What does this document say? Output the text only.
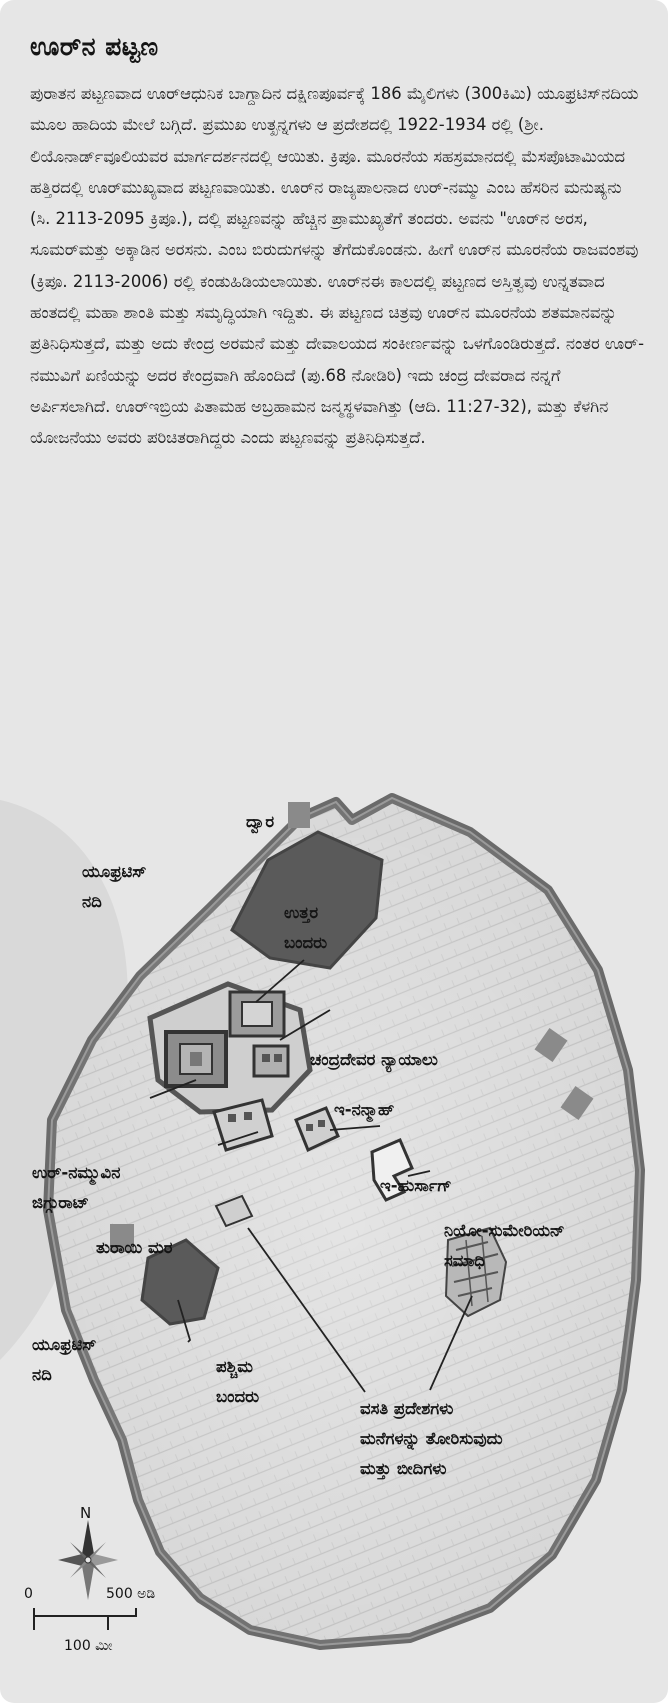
ಊರ್‌ನ ಪಟ್ಟಣ

ಪುರಾತನ ಪಟ್ಟಣವಾದ ಊರ್‌ಆಧುನಿಕ ಬಾಗ್ದಾದಿನ ದಕ್ಷಿಣಪೂರ್ವಕ್ಕೆ 186 ಮೈಲಿಗಳು (300ಕಿಮಿ) ಯೂಫ್ರಟಿಸ್‌ನದಿಯ ಮೂಲ ಹಾದಿಯ ಮೇಲೆ ಬಗ್ಗಿದೆ. ಪ್ರಮುಖ ಉತ್ಖನ್ನಗಳು ಆ ಪ್ರದೇಶದಲ್ಲಿ 1922-1934 ರಲ್ಲಿ (ಶ್ರೀ. ಲಿಯೊನಾರ್ಡ್‌ವೂಲಿಯವರ ಮಾರ್ಗದರ್ಶನದಲ್ಲಿ ಆಯಿತು. ಕ್ರಿಪೂ. ಮೂರನೆಯ ಸಹಸ್ರಮಾನದಲ್ಲಿ ಮೆಸಪೊಟಾಮಿಯದ ಹತ್ತಿರದಲ್ಲಿ ಊರ್‌ಮುಖ್ಯವಾದ ಪಟ್ಟಣವಾಯಿತು. ಊರ್‌ನ ರಾಜ್ಯಪಾಲನಾದ ಉರ್-ನಮ್ಮು ಎಂಬ ಹೆಸರಿನ ಮನುಷ್ಯನು (ಸಿ. 2113-2095 ಕ್ರಿಪೂ.), ದಲ್ಲಿ ಪಟ್ಟಣವನ್ನು ಹೆಚ್ಚಿನ ಪ್ರಾಮುಖ್ಯತೆಗೆ ತಂದರು. ಅವನು "ಊರ್‌ನ ಅರಸ, ಸೂಮರ್‌ಮತ್ತು ಅಕ್ಕಾಡಿನ ಅರಸನು. ಎಂಬ ಬಿರುದುಗಳನ್ನು ತೆಗೆದುಕೊಂಡನು. ಹೀಗೆ ಊರ್‌ನ ಮೂರನೆಯ ರಾಜವಂಶವು (ಕ್ರಿಪೂ. 2113-2006) ರಲ್ಲಿ ಕಂಡುಹಿಡಿಯಲಾಯಿತು. ಊರ್‌ನಈ ಕಾಲದಲ್ಲಿ ಪಟ್ಟಣದ ಅಸ್ತಿತ್ವವು ಉನ್ನತವಾದ ಹಂತದಲ್ಲಿ ಮಹಾ ಶಾಂತಿ ಮತ್ತು ಸಮೃದ್ಧಿಯಾಗಿ ಇದ್ದಿತು. ಈ ಪಟ್ಟಣದ ಚಿತ್ರವು ಊರ್‌ನ ಮೂರನೆಯ ಶತಮಾನವನ್ನು ಪ್ರತಿನಿಧಿಸುತ್ತದೆ, ಮತ್ತು ಅದು ಕೇಂದ್ರ ಅರಮನೆ ಮತ್ತು ದೇವಾಲಯದ ಸಂಕೀರ್ಣವನ್ನು ಒಳಗೊಂಡಿರುತ್ತದೆ. ನಂತರ ಊರ್-ನಮುವಿಗೆ ಏಣಿಯನ್ನು ಅದರ ಕೇಂದ್ರವಾಗಿ ಹೊಂದಿದೆ (ಪು.68 ನೋಡಿರಿ) ಇದು ಚಂದ್ರ ದೇವರಾದ ನನ್ನಗೆ ಅರ್ಪಿಸಲಾಗಿದೆ. ಊರ್‌ಇಬ್ರಿಯ ಪಿತಾಮಹ ಅಬ್ರಹಾಮನ ಜನ್ಮಸ್ಥಳವಾಗಿತ್ತು (ಆದಿ. 11:27-32), ಮತ್ತು ಕೆಳಗಿನ ಯೋಜನೆಯು ಅವರು ಪರಿಚಿತರಾಗಿದ್ದರು ಎಂದು ಪಟ್ಟಣವನ್ನು ಪ್ರತಿನಿಧಿಸುತ್ತದೆ.

ದ್ವಾರ
ಯೂಫ್ರಟಿಸ್
ನದಿ
ಉತ್ತರ
ಬಂದರು
ಚಂದ್ರದೇವರ ನ್ಯಾಯಾಲು
ಇ-ನನ್ಮಾಹ್
ಉರ್-ನಮ್ಮುವಿನ
ಜಿಗ್ಗುರಾಟ್
ಇ-ಹುರ್ಸಾಗ್
ತುರಾಯಿ ಮರ
ನಿಯೋ-ಸುಮೇರಿಯನ್
ಸಮಾಧಿ
ಯೂಫ್ರಟಿಸ್
ನದಿ	ಪಶ್ಚಿಮ
ಬಂದರು
ವಸತಿ ಪ್ರದೇಶಗಳು
ಮನೆಗಳನ್ನು ತೋರಿಸುವುದು
ಮತ್ತು ಬೀದಿಗಳು
N
0	500 ಅಡಿ
100 ಮೀ
